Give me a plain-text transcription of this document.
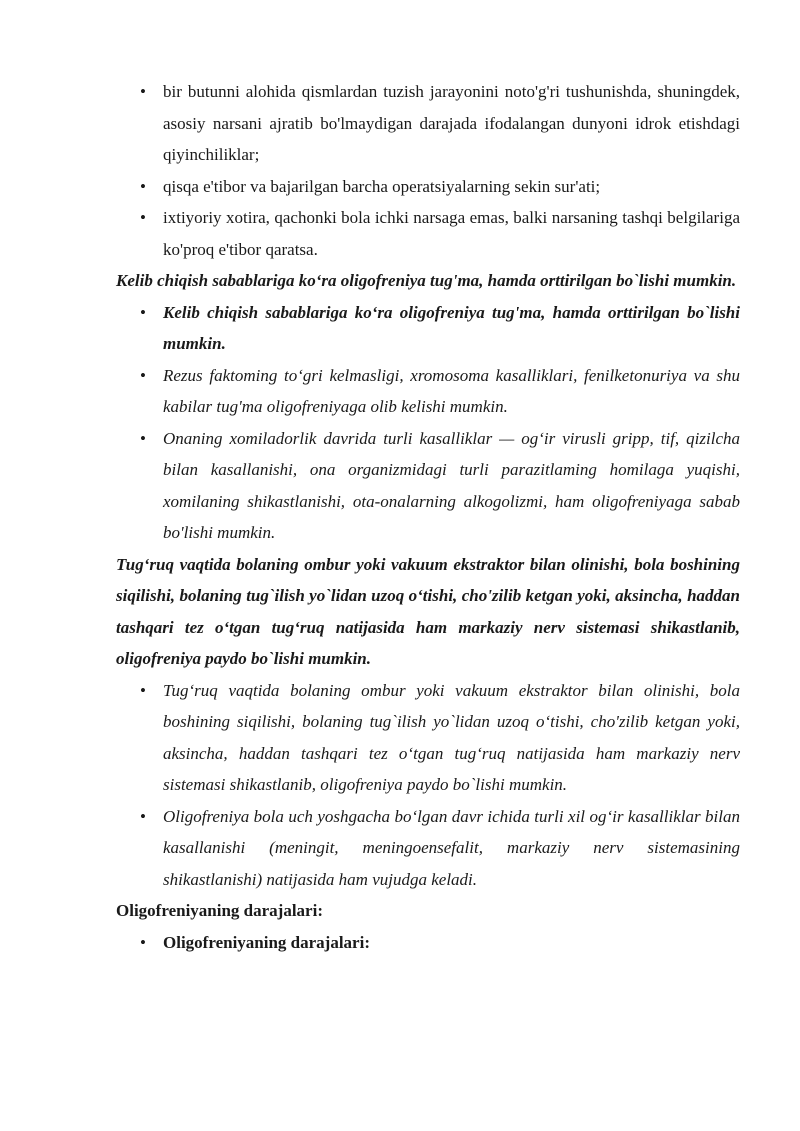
• bir butunni alohida qismlardan tuzish jarayonini noto'g'ri tushunishda, shuningdek, asosiy narsani ajratib bo'lmaydigan darajada ifodalangan dunyoni idrok etishdagi qiyinchiliklar;
• qisqa e'tibor va bajarilgan barcha operatsiyalarning sekin sur'ati;
• ixtiyoriy xotira, qachonki bola ichki narsaga emas, balki narsaning tashqi belgilariga ko'proq e'tibor qaratsa.

Kelib chiqish sabablariga ko‘ra oligofreniya tug'ma, hamda orttirilgan bo`lishi mumkin.

• Kelib chiqish sabablariga ko‘ra oligofreniya tug'ma, hamda orttirilgan bo`lishi mumkin.
• Rezus faktoming to‘gri kelmasligi, xromosoma kasalliklari, fenilketonuriya va shu kabilar tug'ma oligofreniyaga olib kelishi mumkin.
• Onaning xomiladorlik davrida turli kasalliklar — og‘ir virusli gripp, tif, qizilcha bilan kasallanishi, ona organizmidagi turli parazitlaming homilaga yuqishi, xomilaning shikastlanishi, ota-onalarning alkogolizmi, ham oligofreniyaga sabab bo'lishi mumkin.

Tug‘ruq vaqtida bolaning ombur yoki vakuum ekstraktor bilan olinishi, bola boshining siqilishi, bolaning tug`ilish yo`lidan uzoq o‘tishi, cho'zilib ketgan yoki, aksincha, haddan tashqari tez o‘tgan tug‘ruq natijasida ham markaziy nerv sistemasi shikastlanib, oligofreniya paydo bo`lishi mumkin.

• Tug‘ruq vaqtida bolaning ombur yoki vakuum ekstraktor bilan olinishi, bola boshining siqilishi, bolaning tug`ilish yo`lidan uzoq o‘tishi, cho'zilib ketgan yoki, aksincha, haddan tashqari tez o‘tgan tug‘ruq natijasida ham markaziy nerv sistemasi shikastlanib, oligofreniya paydo bo`lishi mumkin.
• Oligofreniya bola uch yoshgacha bo‘lgan davr ichida turli xil og‘ir kasalliklar bilan kasallanishi (meningit, meningoensefalit, markaziy nerv sistemasining shikastlanishi) natijasida ham vujudga keladi.

Oligofreniyaning darajalari:

• Oligofreniyaning darajalari:
